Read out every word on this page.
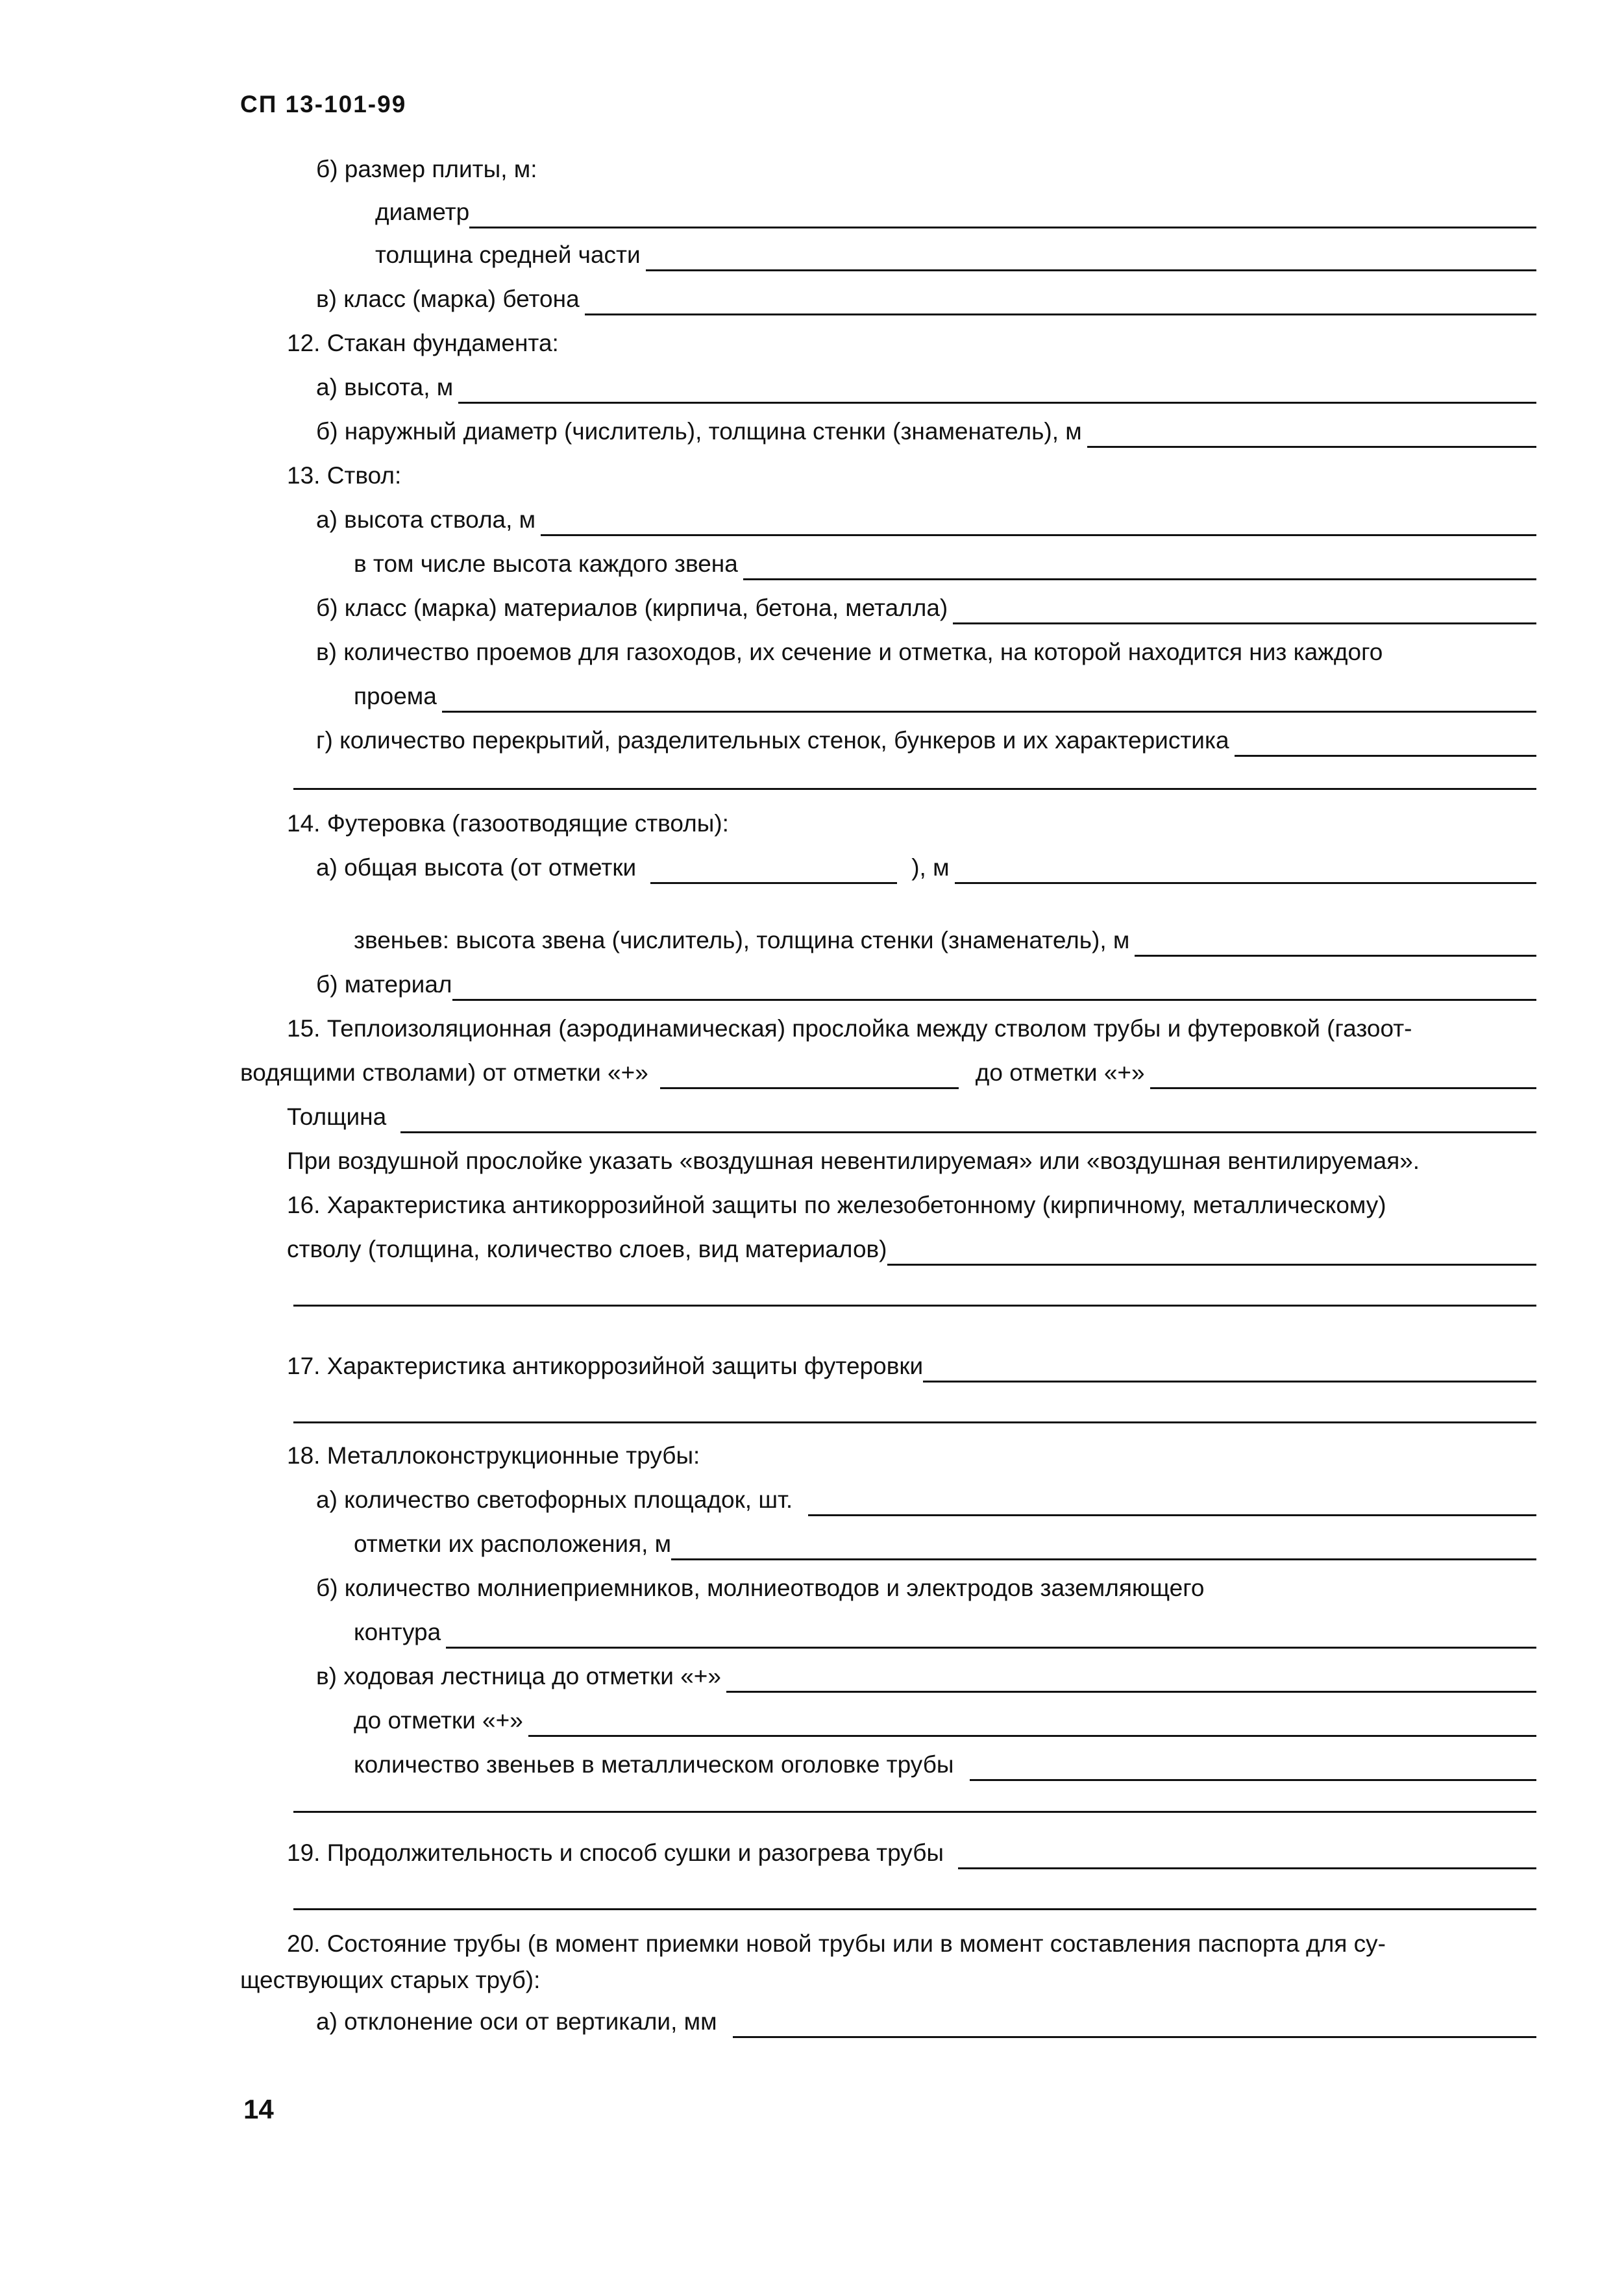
СП 13-101-99
б) размер плиты, м:
диаметр
толщина средней части
в) класс (марка) бетона
12. Стакан фундамента:
а) высота, м
б) наружный диаметр (числитель), толщина стенки (знаменатель), м
13. Ствол:
а) высота ствола, м
в том числе высота каждого звена
б) класс (марка) материалов (кирпича, бетона, металла)
в) количество проемов для газоходов, их сечение и отметка, на которой находится низ каждого
проема
г) количество перекрытий, разделительных стенок, бункеров и их характеристика
14. Футеровка (газоотводящие стволы):
а) общая высота (от отметки	), м
звеньев: высота звена (числитель), толщина стенки (знаменатель), м
б) материал
15. Теплоизоляционная (аэродинамическая) прослойка между стволом трубы и футеровкой (газоот-
водящими стволами) от отметки «+»	до отметки «+»
Толщина
При воздушной прослойке указать «воздушная невентилируемая» или «воздушная вентилируемая».
16. Характеристика антикоррозийной защиты по железобетонному (кирпичному, металлическому)
стволу (толщина, количество слоев, вид материалов)
17. Характеристика антикоррозийной защиты футеровки
18. Металлоконструкционные трубы:
а) количество светофорных площадок, шт.
отметки их расположения, м
б) количество молниеприемников, молниеотводов и электродов заземляющего
контура
в) ходовая лестница до отметки «+»
до отметки «+»
количество звеньев в металлическом оголовке трубы
19. Продолжительность и способ сушки и разогрева трубы
20. Состояние трубы (в момент приемки новой трубы или в момент составления паспорта для су-
ществующих старых труб):
а) отклонение оси от вертикали, мм
14
